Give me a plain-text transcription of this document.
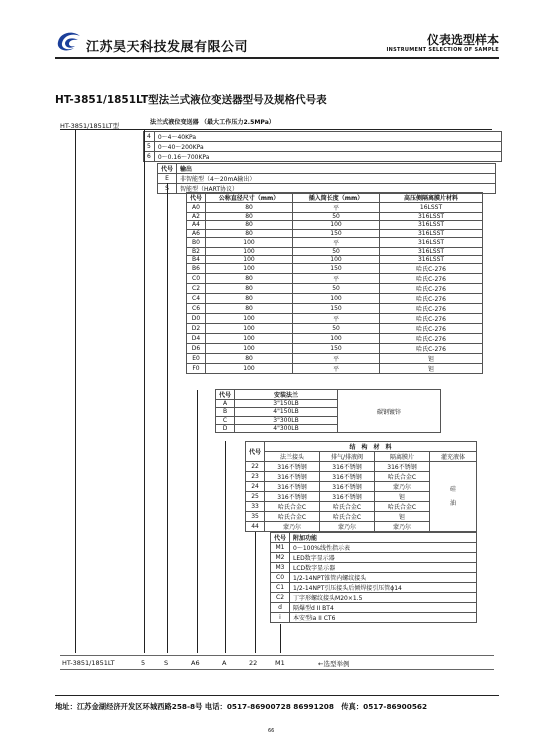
江苏昊天科技发展有限公司	仪表选型样本
INSTRUMENT SELECTION OF SAMPLE
HT-3851/1851LT型法兰式液位变送器型号及规格代号表
HT-3851/1851LT型	法兰式液位变送器 （最大工作压力2.5MPa）
4	0～4～40KPa
5	0～40～200KPa
6	0～0.16～700KPa
代号	输出
E	非智能型（4～20mA输出）
S	智能型（HART协议）
代号	公称直径尺寸（mm）	插入筒长度（mm）	高压侧隔离膜片材料
A0	80	平	16LSST
A2	80	50	316LSST
A4	80	100	316LSST
A6	80	150	316LSST
B0	100	平	316LSST
B2	100	50	316LSST
B4	100	100	316LSST
B6	100	150	哈氏C-276
C0	80	平	哈氏C-276
C2	80	50	哈氏C-276
C4	80	100	哈氏C-276
C6	80	150	哈氏C-276
D0	100	平	哈氏C-276
D2	100	50	哈氏C-276
D4	100	100	哈氏C-276
D6	100	150	哈氏C-276
E0	80	平	钽
F0	100	平	钽
代号	安装法兰	碳钢镀锌
A	3"150LB	
B	4"150LB	
C	3"300LB	
D	4"300LB	
代号	结　构　材　料			
	法兰接头	排气/排液阀	隔离膜片	灌充液体
22	316不锈钢	316不锈钢	316不锈钢	硅
油
23	316不锈钢	316不锈钢	哈氏合金C	
24	316不锈钢	316不锈钢	蒙乃尔	
25	316不锈钢	316不锈钢	钽	
33	哈氏合金C	哈氏合金C	哈氏合金C	
35	哈氏合金C	哈氏合金C	钽	
44	蒙乃尔	蒙乃尔	蒙乃尔	
代号	附加功能
M1	0～100%线性指示表
M2	LED数字显示器
M3	LCD数字显示器
C0	1/2-14NPT锥管内螺纹接头
C1	1/2-14NPT引压接头后倾焊接引压管ϕ14
C2	丁字形螺纹接头M20×1.5
d	隔爆型d II BT4
i	本安型ia II CT6
HT-3851/1851LT	5	S	A6	A	22	M1	←选型举例
地址：江苏金湖经济开发区环城西路258-8号 电话：0517-86900728 86991208　传真：0517-86900562
66
